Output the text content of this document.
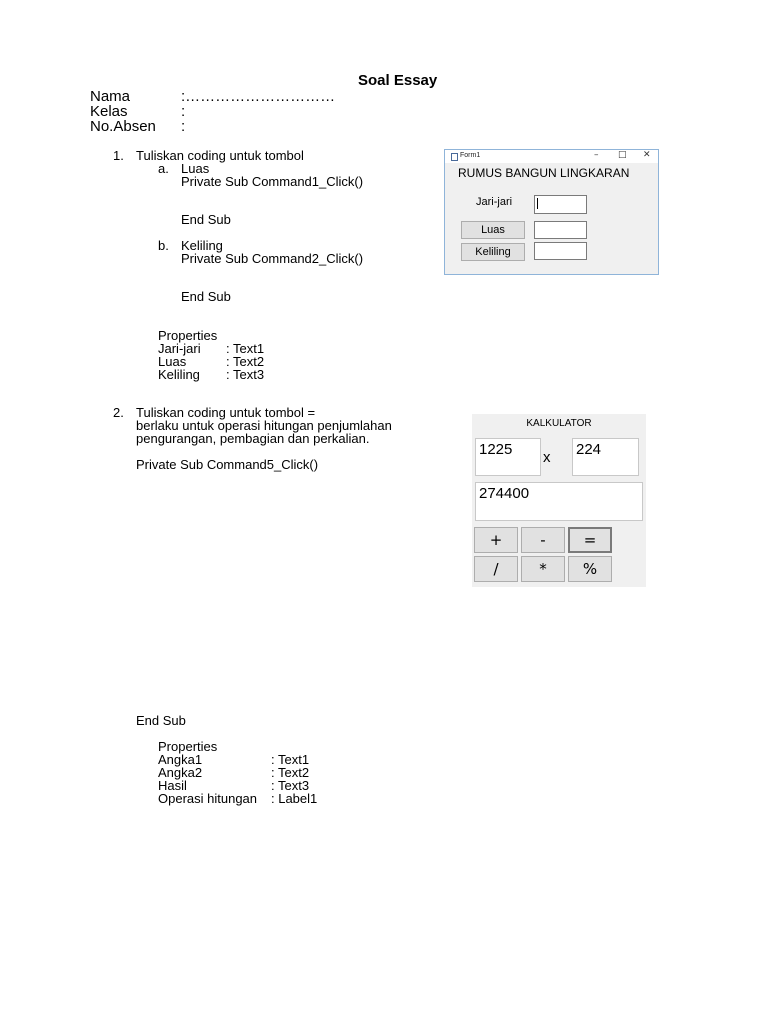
Soal Essay
Nama	:…………………………
Kelas	:
No.Absen :
1. Tuliskan coding untuk tombol
a. Luas
Private Sub Command1_Click()
End Sub
b. Keliling
Private Sub Command2_Click()
End Sub
Properties
Jari-jari : Text1
Luas	: Text2
Keliling : Text3
Form1	– □ ✕
RUMUS BANGUN LINGKARAN
Jari-jari
Luas
Keliling
2. Tuliskan coding untuk tombol =
berlaku untuk operasi hitungan penjumlahan
pengurangan, pembagian dan perkalian.
Private Sub Command5_Click()
End Sub
Properties
Angka1	: Text1
Angka2	: Text2
Hasil	: Text3
Operasi hitungan : Label1
KALKULATOR
1225	x 224
274400
+	-	=
/	*	%
